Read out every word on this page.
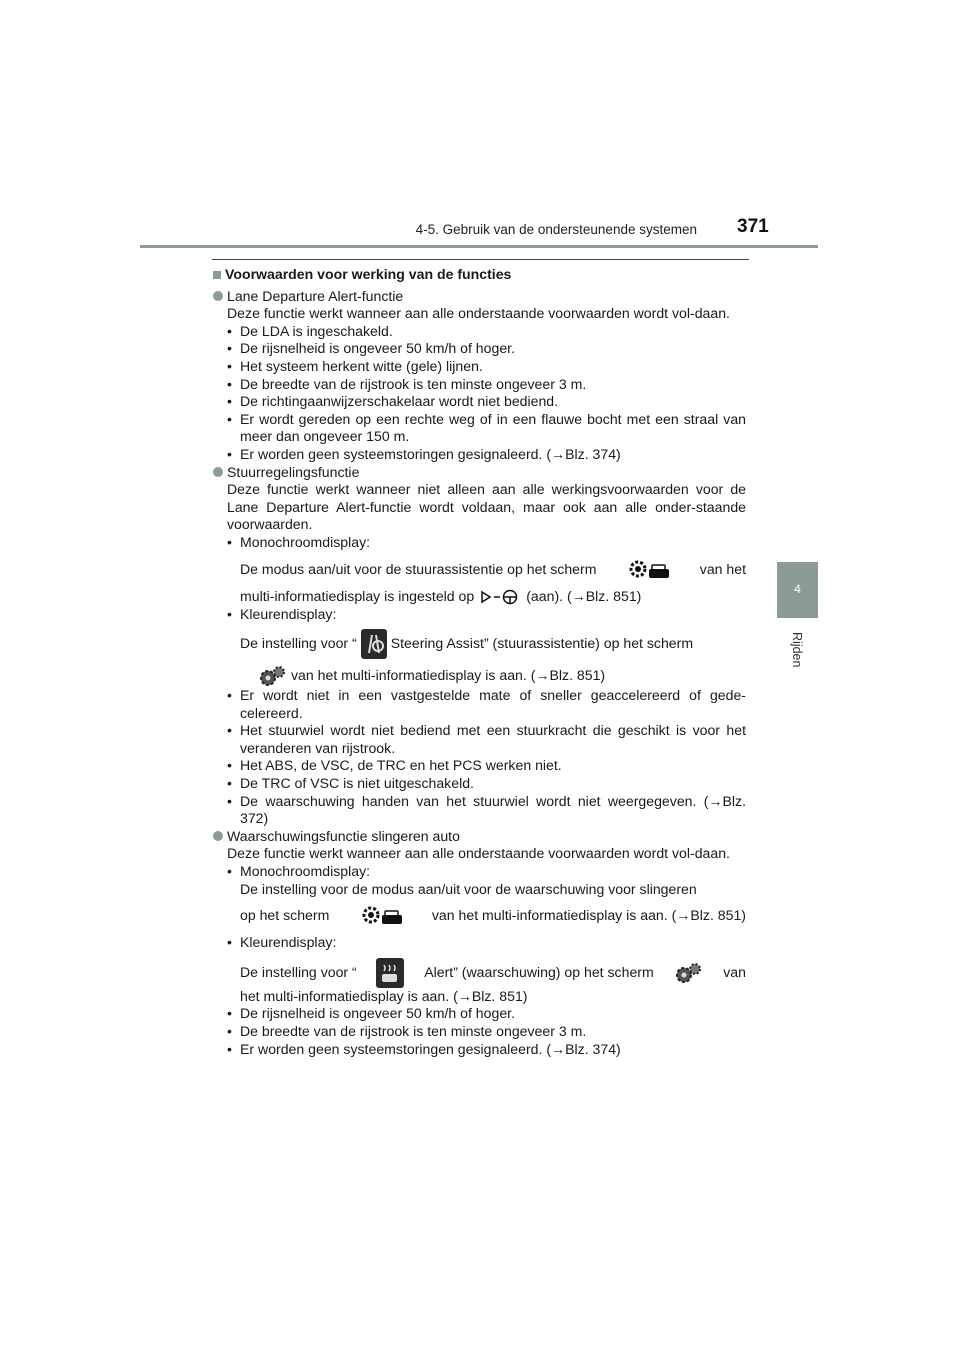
4-5. Gebruik van de ondersteunende systemen 371
4
Rijden
Voorwaarden voor werking van de functies
Lane Departure Alert-functie
Deze functie werkt wanneer aan alle onderstaande voorwaarden wordt vol-daan.
• De LDA is ingeschakeld.
• De rijsnelheid is ongeveer 50 km/h of hoger.
• Het systeem herkent witte (gele) lijnen.
• De breedte van de rijstrook is ten minste ongeveer 3 m.
• De richtingaanwijzerschakelaar wordt niet bediend.
• Er wordt gereden op een rechte weg of in een flauwe bocht met een straal van meer dan ongeveer 150 m.
• Er worden geen systeemstoringen gesignaleerd. (→Blz. 374)
Stuurregelingsfunctie
Deze functie werkt wanneer niet alleen aan alle werkingsvoorwaarden voor de Lane Departure Alert-functie wordt voldaan, maar ook aan alle onder-staande voorwaarden.
• Monochroomdisplay:
De modus aan/uit voor de stuurassistentie op het scherm	van het
multi-informatiedisplay is ingesteld op	(aan). (→Blz. 851)
• Kleurendisplay:
De instelling voor “ Steering Assist” (stuurassistentie) op het scherm
van het multi-informatiedisplay is aan. (→Blz. 851)
• Er wordt niet in een vastgestelde mate of sneller geaccelereerd of gede-celereerd.
• Het stuurwiel wordt niet bediend met een stuurkracht die geschikt is voor het veranderen van rijstrook.
• Het ABS, de VSC, de TRC en het PCS werken niet.
• De TRC of VSC is niet uitgeschakeld.
• De waarschuwing handen van het stuurwiel wordt niet weergegeven. (→Blz. 372)
Waarschuwingsfunctie slingeren auto
Deze functie werkt wanneer aan alle onderstaande voorwaarden wordt vol-daan.
• Monochroomdisplay:
De instelling voor de modus aan/uit voor de waarschuwing voor slingeren
op het scherm	van het multi-informatiedisplay is aan. (→Blz. 851)
• Kleurendisplay:
De instelling voor “	Alert” (waarschuwing) op het scherm	van
het multi-informatiedisplay is aan. (→Blz. 851)
• De rijsnelheid is ongeveer 50 km/h of hoger.
• De breedte van de rijstrook is ten minste ongeveer 3 m.
• Er worden geen systeemstoringen gesignaleerd. (→Blz. 374)
